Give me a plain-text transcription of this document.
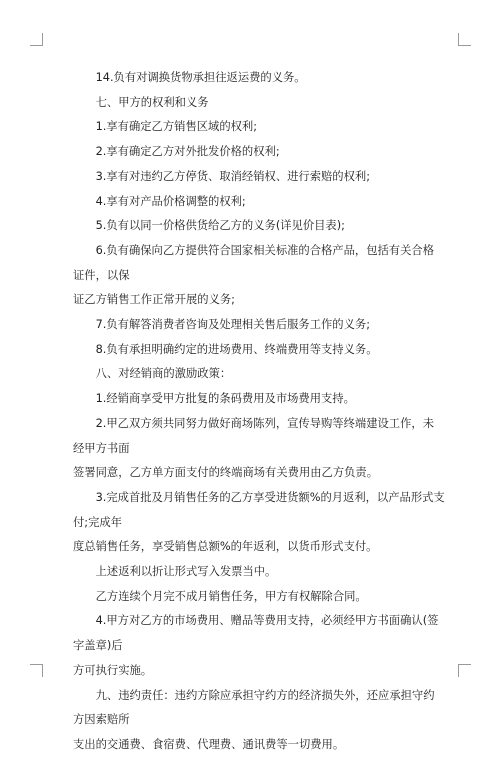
14.负有对调换货物承担往返运费的义务。

七、甲方的权利和义务

1.享有确定乙方销售区域的权利;

2.享有确定乙方对外批发价格的权利;

3.享有对违约乙方停货、取消经销权、进行索赔的权利;

4.享有对产品价格调整的权利;

5.负有以同一价格供货给乙方的义务(详见价目表);

6.负有确保向乙方提供符合国家相关标准的合格产品，包括有关合格证件，以保

证乙方销售工作正常开展的义务;

7.负有解答消费者咨询及处理相关售后服务工作的义务;

8.负有承担明确约定的进场费用、终端费用等支持义务。

八、对经销商的激励政策：

1.经销商享受甲方批复的条码费用及市场费用支持。

2.甲乙双方须共同努力做好商场陈列，宣传导购等终端建设工作，未经甲方书面

签署同意，乙方单方面支付的终端商场有关费用由乙方负责。

3.完成首批及月销售任务的乙方享受进货额%的月返利，以产品形式支付;完成年

度总销售任务，享受销售总额%的年返利，以货币形式支付。

上述返利以折让形式写入发票当中。

乙方连续个月完不成月销售任务，甲方有权解除合同。

4.甲方对乙方的市场费用、赠品等费用支持，必须经甲方书面确认(签字盖章)后

方可执行实施。

九、违约责任：违约方除应承担守约方的经济损失外，还应承担守约方因索赔所

支出的交通费、食宿费、代理费、通讯费等一切费用。
